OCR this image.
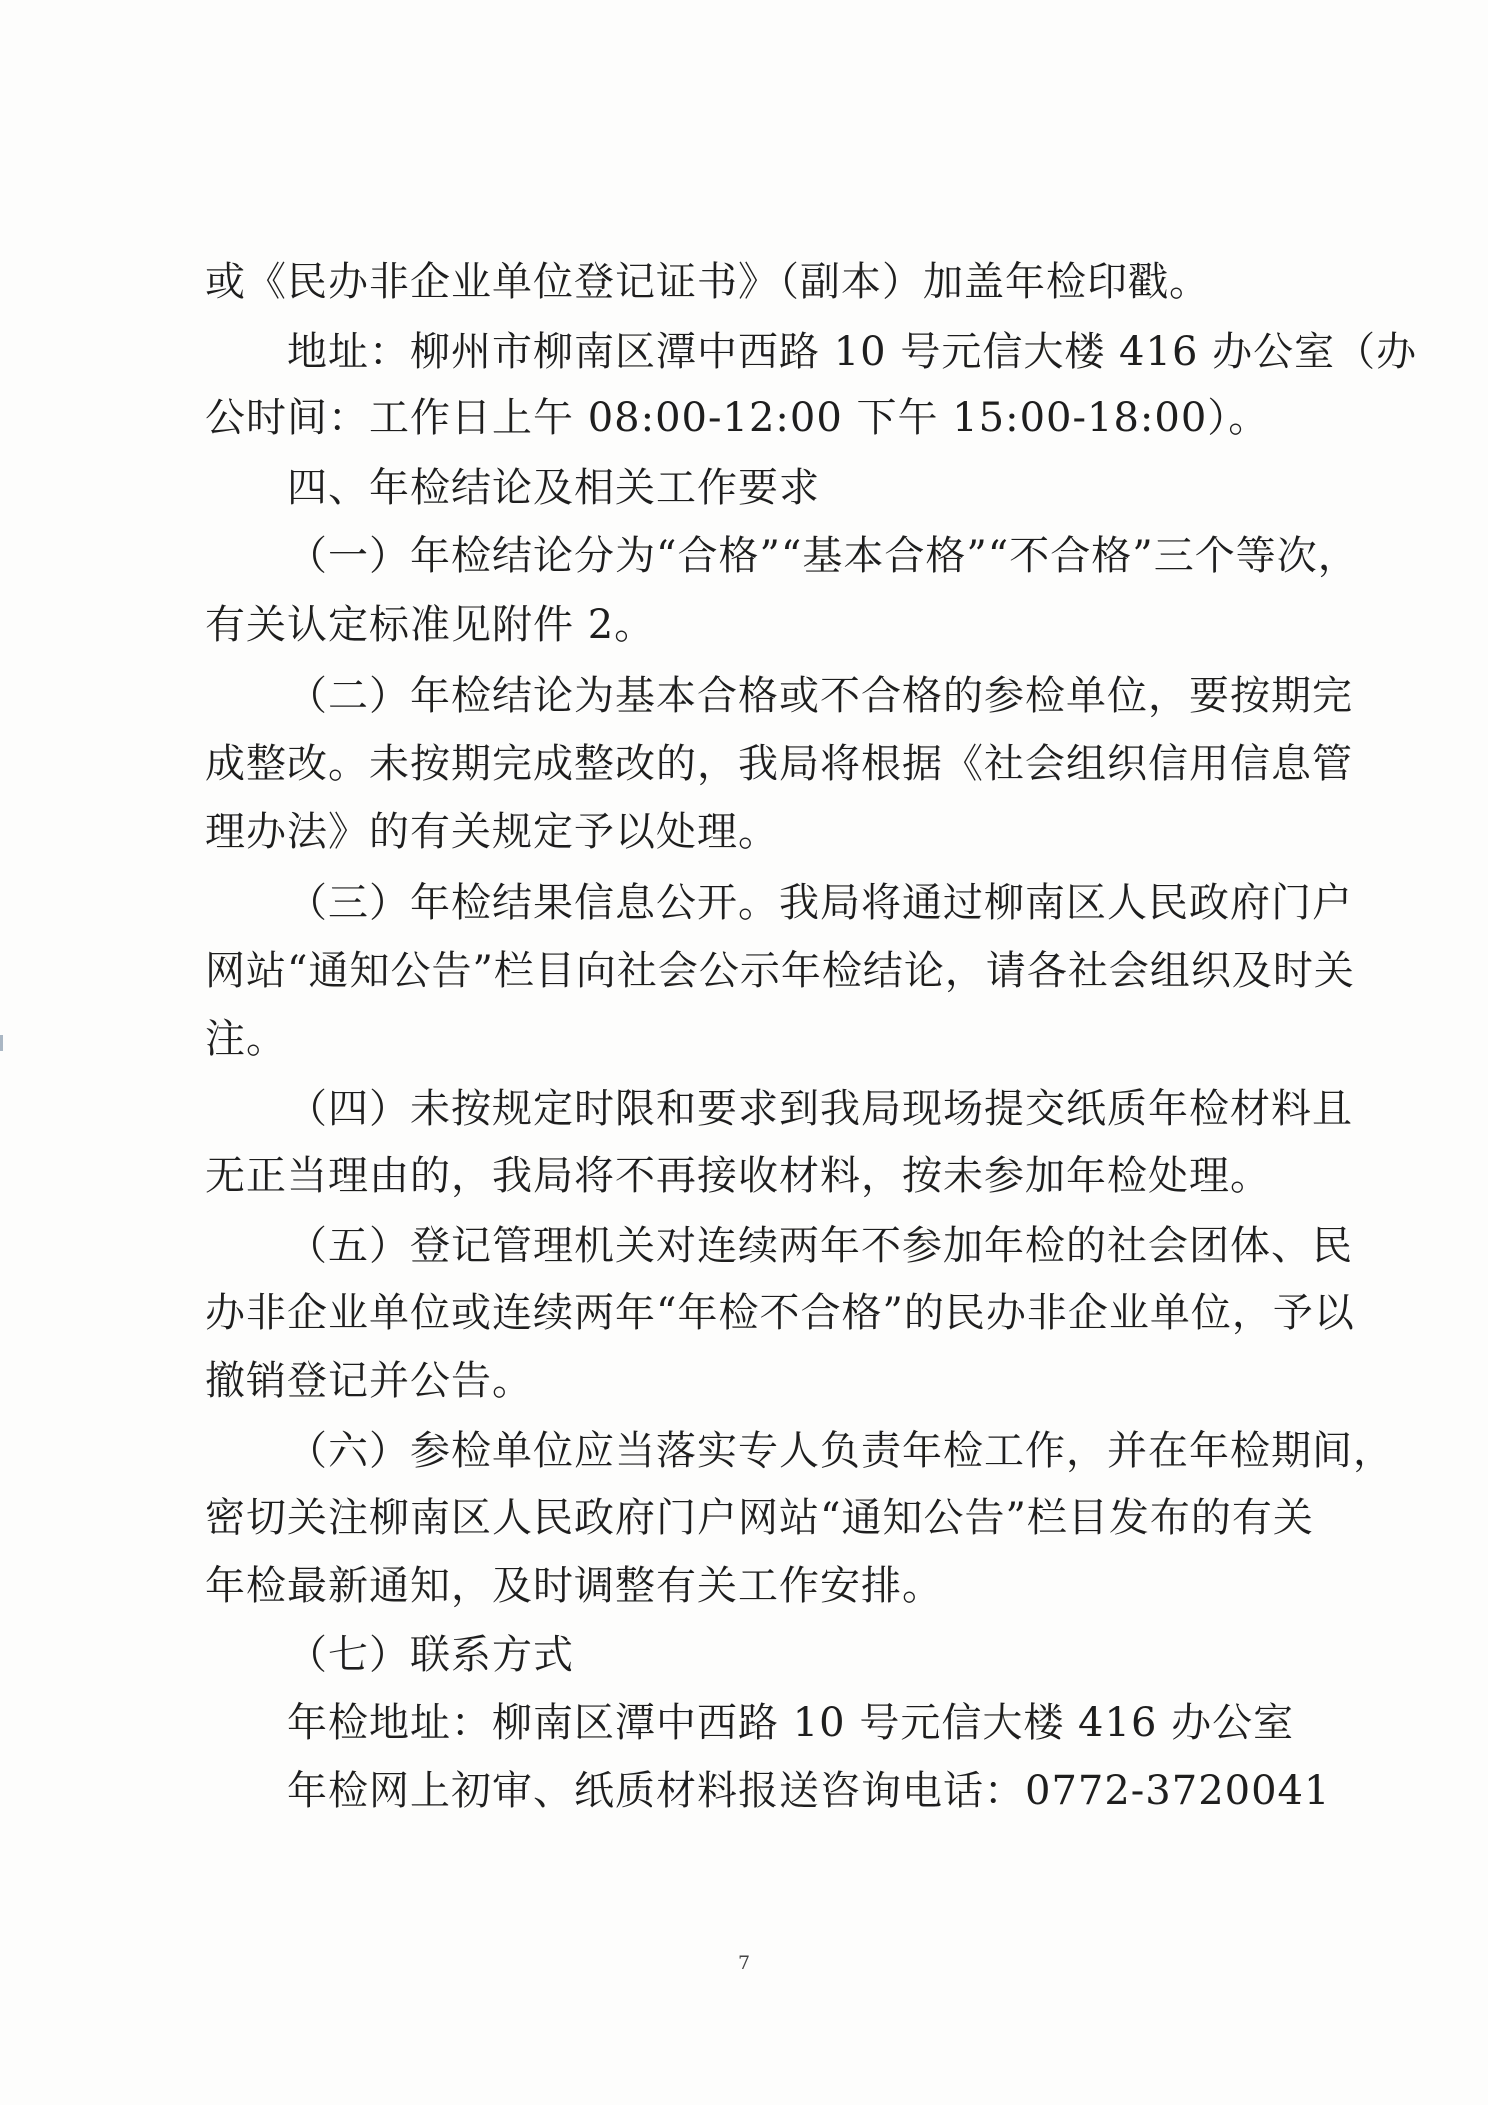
或《民办非企业单位登记证书》（副本）加盖年检印戳。
地址：柳州市柳南区潭中西路 10 号元信大楼 416 办公室（办
公时间：工作日上午 08:00-12:00 下午 15:00-18:00）。
四、年检结论及相关工作要求
（一）年检结论分为“合格”“基本合格”“不合格”三个等次，
有关认定标准见附件 2。
（二）年检结论为基本合格或不合格的参检单位，要按期完
成整改。未按期完成整改的，我局将根据《社会组织信用信息管
理办法》的有关规定予以处理。
（三）年检结果信息公开。我局将通过柳南区人民政府门户
网站“通知公告”栏目向社会公示年检结论，请各社会组织及时关
注。
（四）未按规定时限和要求到我局现场提交纸质年检材料且
无正当理由的，我局将不再接收材料，按未参加年检处理。
（五）登记管理机关对连续两年不参加年检的社会团体、民
办非企业单位或连续两年“年检不合格”的民办非企业单位，予以
撤销登记并公告。
（六）参检单位应当落实专人负责年检工作，并在年检期间，
密切关注柳南区人民政府门户网站“通知公告”栏目发布的有关
年检最新通知，及时调整有关工作安排。
（七）联系方式
年检地址：柳南区潭中西路 10 号元信大楼 416 办公室
年检网上初审、纸质材料报送咨询电话：0772-3720041
7
